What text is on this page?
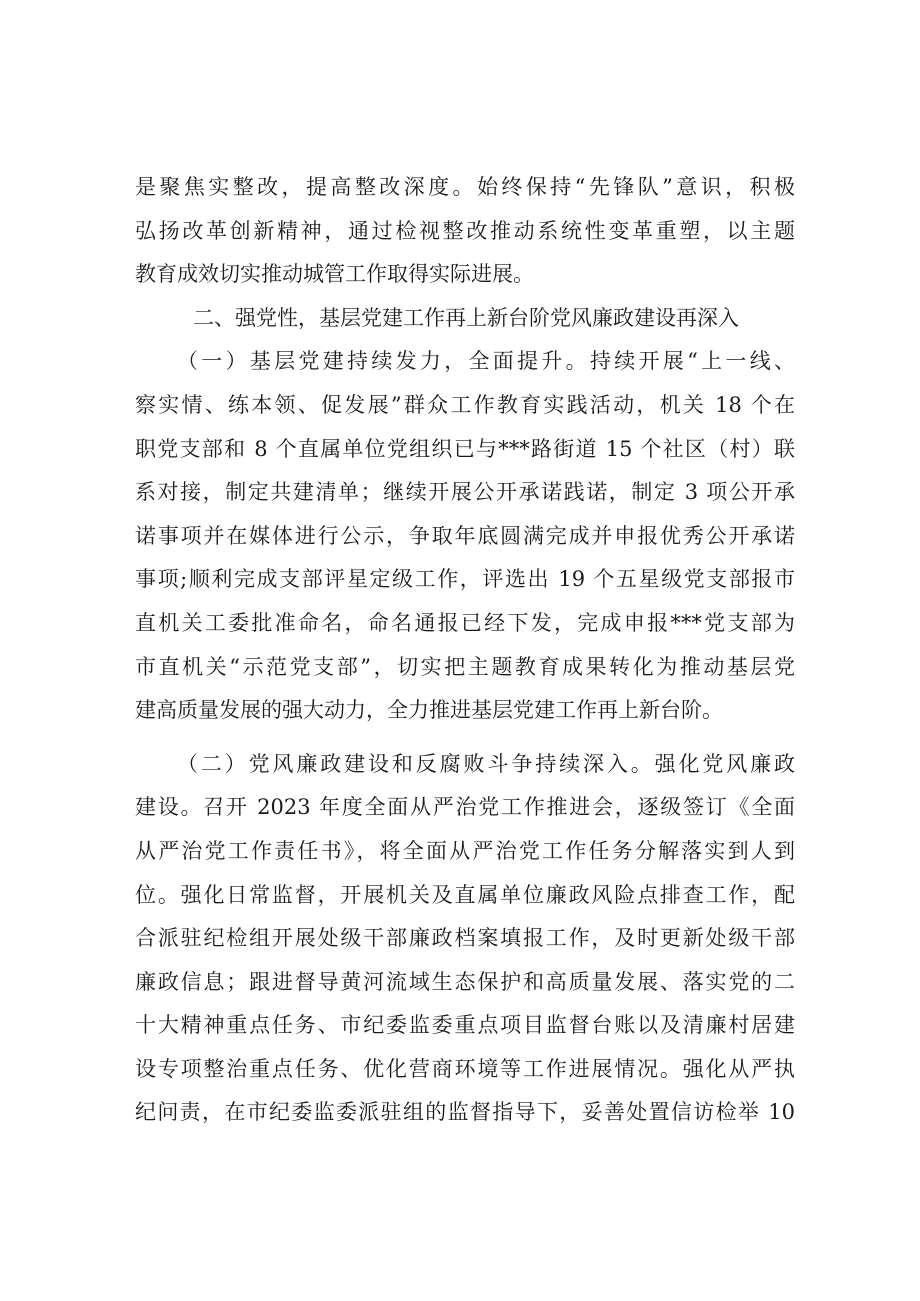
是聚焦实整改，提高整改深度。始终保持“先锋队”意识，积极
弘扬改革创新精神，通过检视整改推动系统性变革重塑，以主题
教育成效切实推动城管工作取得实际进展。
二、强党性，基层党建工作再上新台阶党风廉政建设再深入
（一）基层党建持续发力，全面提升。持续开展“上一线、
察实情、练本领、促发展”群众工作教育实践活动，机关 18 个在
职党支部和 8 个直属单位党组织已与***路街道 15 个社区（村）联
系对接，制定共建清单；继续开展公开承诺践诺，制定 3 项公开承
诺事项并在媒体进行公示，争取年底圆满完成并申报优秀公开承诺
事项;顺利完成支部评星定级工作，评选出 19 个五星级党支部报市
直机关工委批准命名，命名通报已经下发，完成申报***党支部为
市直机关“示范党支部”，切实把主题教育成果转化为推动基层党
建高质量发展的强大动力，全力推进基层党建工作再上新台阶。
（二）党风廉政建设和反腐败斗争持续深入。强化党风廉政
建设。召开 2023 年度全面从严治党工作推进会，逐级签订《全面
从严治党工作责任书》，将全面从严治党工作任务分解落实到人到
位。强化日常监督，开展机关及直属单位廉政风险点排查工作，配
合派驻纪检组开展处级干部廉政档案填报工作，及时更新处级干部
廉政信息；跟进督导黄河流域生态保护和高质量发展、落实党的二
十大精神重点任务、市纪委监委重点项目监督台账以及清廉村居建
设专项整治重点任务、优化营商环境等工作进展情况。强化从严执
纪问责，在市纪委监委派驻组的监督指导下，妥善处置信访检举 10
